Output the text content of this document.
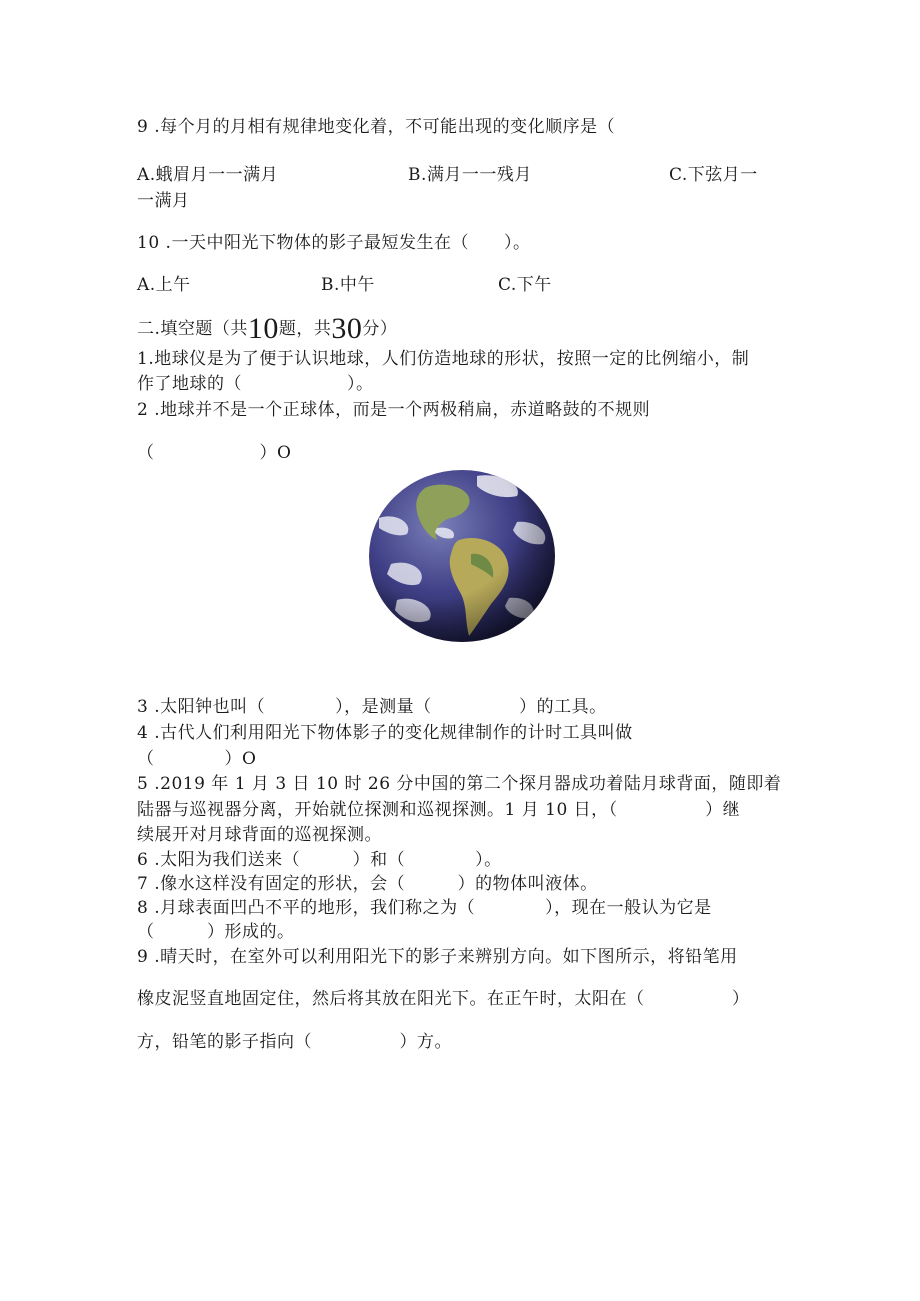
9 .每个月的月相有规律地变化着，不可能出现的变化顺序是（
A.蛾眉月一一满月	B.满月一一残月	C.下弦月一
一满月
10 .一天中阳光下物体的影子最短发生在（　　）。
A.上午	B.中午	C.下午
二.填空题（共10题，共30分）
1.地球仪是为了便于认识地球，人们仿造地球的形状，按照一定的比例缩小，制
作了地球的（　　　　　　）。
2 .地球并不是一个正球体，而是一个两极稍扁，赤道略鼓的不规则
（　　　　　　）O
3 .太阳钟也叫（　　　　），是测量（　　　　　）的工具。
4 .古代人们利用阳光下物体影子的变化规律制作的计时工具叫做
（　　　　）O
5 .2019 年 1 月 3 日 10 时 26 分中国的第二个探月器成功着陆月球背面，随即着
陆器与巡视器分离，开始就位探测和巡视探测。1 月 10 日，（　　　　　）继
续展开对月球背面的巡视探测。
6 .太阳为我们送来（　　　）和（　　　　）。
7 .像水这样没有固定的形状，会（　　　）的物体叫液体。
8 .月球表面凹凸不平的地形，我们称之为（　　　　），现在一般认为它是
（　　　）形成的。
9 .晴天时，在室外可以利用阳光下的影子来辨别方向。如下图所示，将铅笔用
橡皮泥竖直地固定住，然后将其放在阳光下。在正午时，太阳在（　　　　　）
方，铅笔的影子指向（　　　　　）方。
